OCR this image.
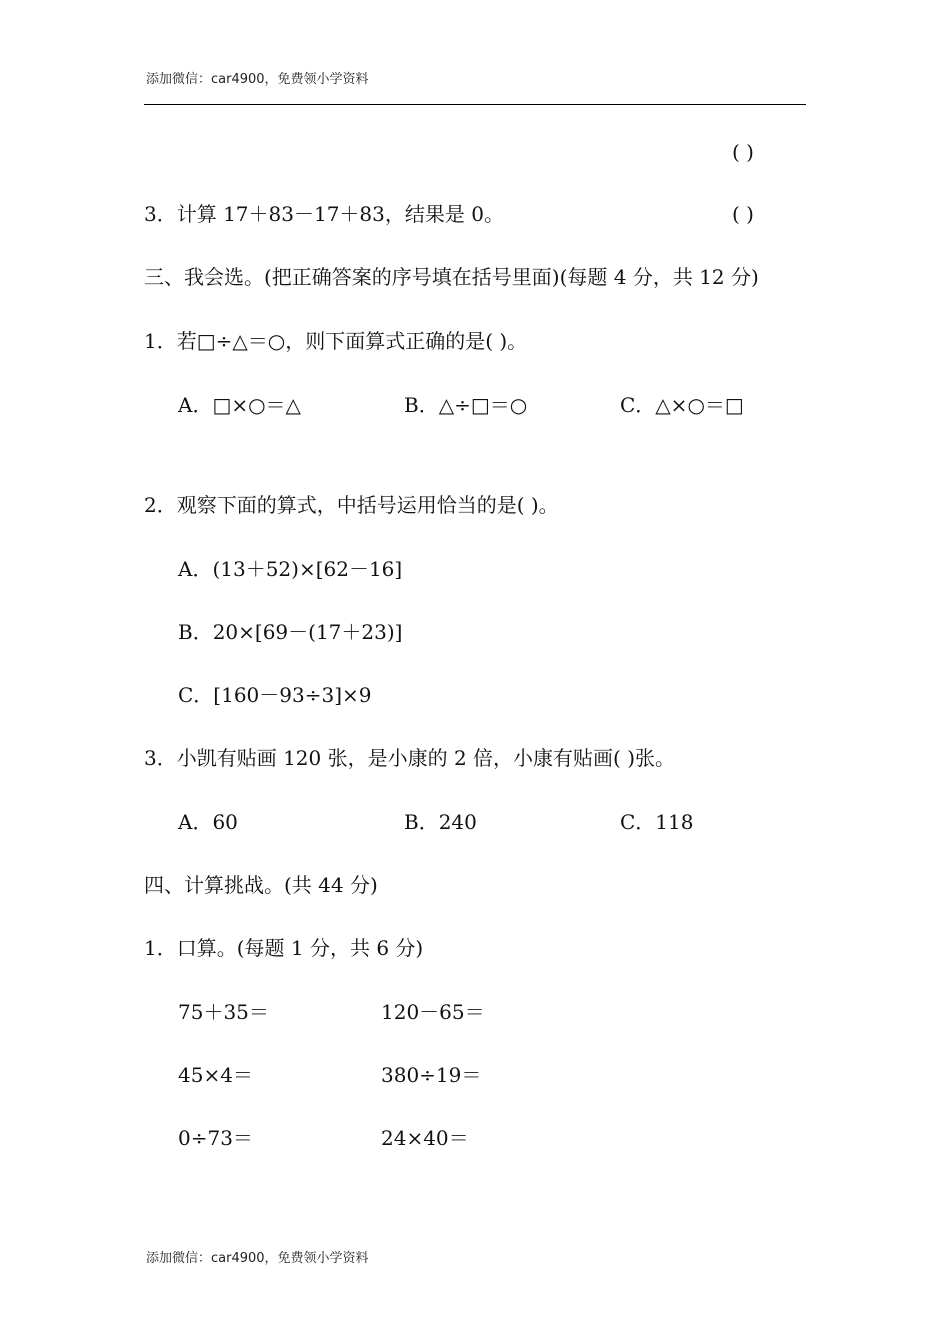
添加微信：car4900，免费领小学资料
( )
3．计算 17＋83－17＋83，结果是 0。	( )
三、我会选。(把正确答案的序号填在括号里面)(每题 4 分，共 12 分)
1．若□÷△＝○，则下面算式正确的是( )。
A．□×○＝△	B．△÷□＝○	C．△×○＝□
2．观察下面的算式，中括号运用恰当的是( )。
A．(13＋52)×[62－16]
B．20×[69－(17＋23)]
C．[160－93÷3]×9
3．小凯有贴画 120 张，是小康的 2 倍，小康有贴画( )张。
A．60	B．240	C．118
四、计算挑战。(共 44 分)
1．口算。(每题 1 分，共 6 分)
75＋35＝	120－65＝
45×4＝	380÷19＝
0÷73＝	24×40＝
添加微信：car4900，免费领小学资料
